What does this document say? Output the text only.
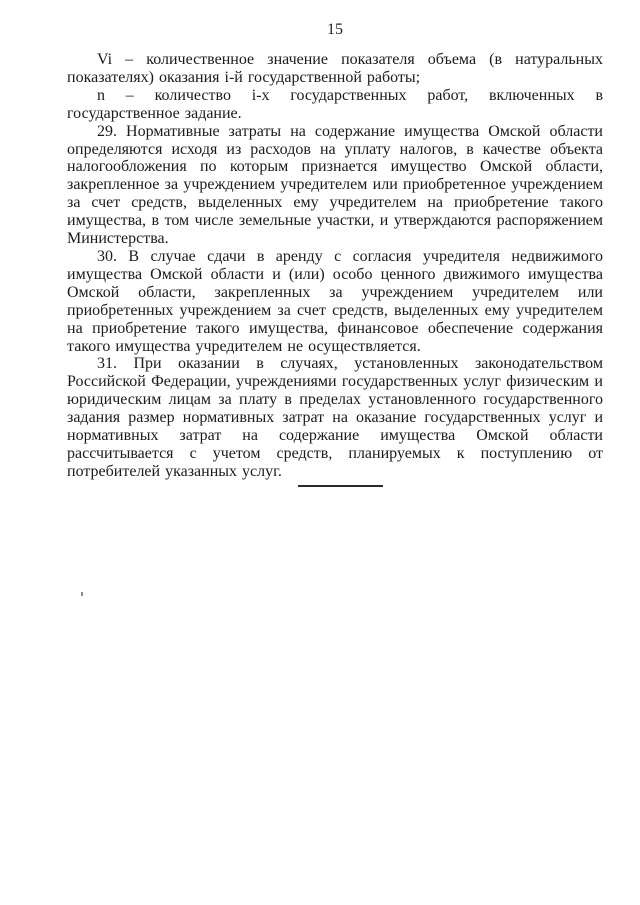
15

Vi – количественное значение показателя объема (в натуральных показателях) оказания i-й государственной работы;

n – количество i-х государственных работ, включенных в государственное задание.

29. Нормативные затраты на содержание имущества Омской области определяются исходя из расходов на уплату налогов, в качестве объекта налогообложения по которым признается имущество Омской области, закрепленное за учреждением учредителем или приобретенное учреждением за счет средств, выделенных ему учредителем на приобретение такого имущества, в том числе земельные участки, и утверждаются распоряжением Министерства.

30. В случае сдачи в аренду с согласия учредителя недвижимого имущества Омской области и (или) особо ценного движимого имущества Омской области, закрепленных за учреждением учредителем или приобретенных учреждением за счет средств, выделенных ему учредителем на приобретение такого имущества, финансовое обеспечение содержания такого имущества учредителем не осуществляется.

31. При оказании в случаях, установленных законодательством Российской Федерации, учреждениями государственных услуг физическим и юридическим лицам за плату в пределах установленного государственного задания размер нормативных затрат на оказание государственных услуг и нормативных затрат на содержание имущества Омской области рассчитывается с учетом средств, планируемых к поступлению от потребителей указанных услуг.
